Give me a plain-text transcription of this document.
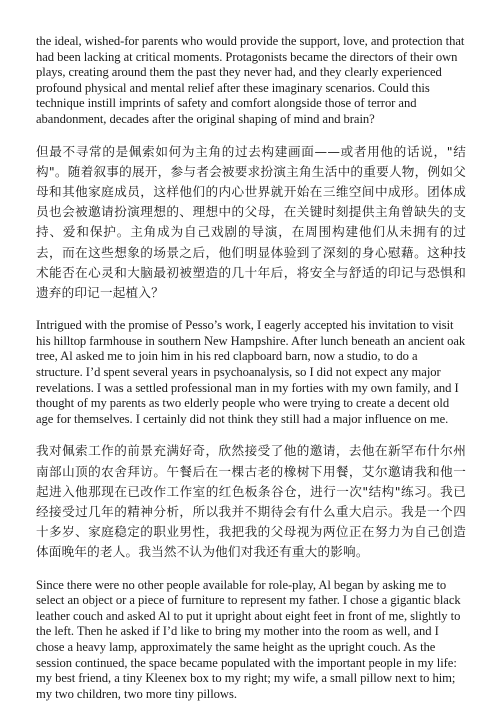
the ideal, wished-for parents who would provide the support, love, and protection that had been lacking at critical moments. Protagonists became the directors of their own plays, creating around them the past they never had, and they clearly experienced profound physical and mental relief after these imaginary scenarios. Could this technique instill imprints of safety and comfort alongside those of terror and abandonment, decades after the original shaping of mind and brain?

但最不寻常的是佩索如何为主角的过去构建画面——或者用他的话说，"结构"。随着叙事的展开，参与者会被要求扮演主角生活中的重要人物，例如父母和其他家庭成员，这样他们的内心世界就开始在三维空间中成形。团体成员也会被邀请扮演理想的、理想中的父母，在关键时刻提供主角曾缺失的支持、爱和保护。主角成为自己戏剧的导演，在周围构建他们从未拥有的过去，而在这些想象的场景之后，他们明显体验到了深刻的身心慰藉。这种技术能否在心灵和大脑最初被塑造的几十年后，将安全与舒适的印记与恐惧和遗弃的印记一起植入？

Intrigued with the promise of Pesso’s work, I eagerly accepted his invitation to visit his hilltop farmhouse in southern New Hampshire. After lunch beneath an ancient oak tree, Al asked me to join him in his red clapboard barn, now a studio, to do a structure. I’d spent several years in psychoanalysis, so I did not expect any major revelations. I was a settled professional man in my forties with my own family, and I thought of my parents as two elderly people who were trying to create a decent old age for themselves. I certainly did not think they still had a major influence on me.

我对佩索工作的前景充满好奇，欣然接受了他的邀请，去他在新罕布什尔州南部山顶的农舍拜访。午餐后在一棵古老的橡树下用餐，艾尔邀请我和他一起进入他那现在已改作工作室的红色板条谷仓，进行一次"结构"练习。我已经接受过几年的精神分析，所以我并不期待会有什么重大启示。我是一个四十多岁、家庭稳定的职业男性，我把我的父母视为两位正在努力为自己创造体面晚年的老人。我当然不认为他们对我还有重大的影响。

Since there were no other people available for role-play, Al began by asking me to select an object or a piece of furniture to represent my father. I chose a gigantic black leather couch and asked Al to put it upright about eight feet in front of me, slightly to the left. Then he asked if I’d like to bring my mother into the room as well, and I chose a heavy lamp, approximately the same height as the upright couch. As the session continued, the space became populated with the important people in my life: my best friend, a tiny Kleenex box to my right; my wife, a small pillow next to him; my two children, two more tiny pillows.
